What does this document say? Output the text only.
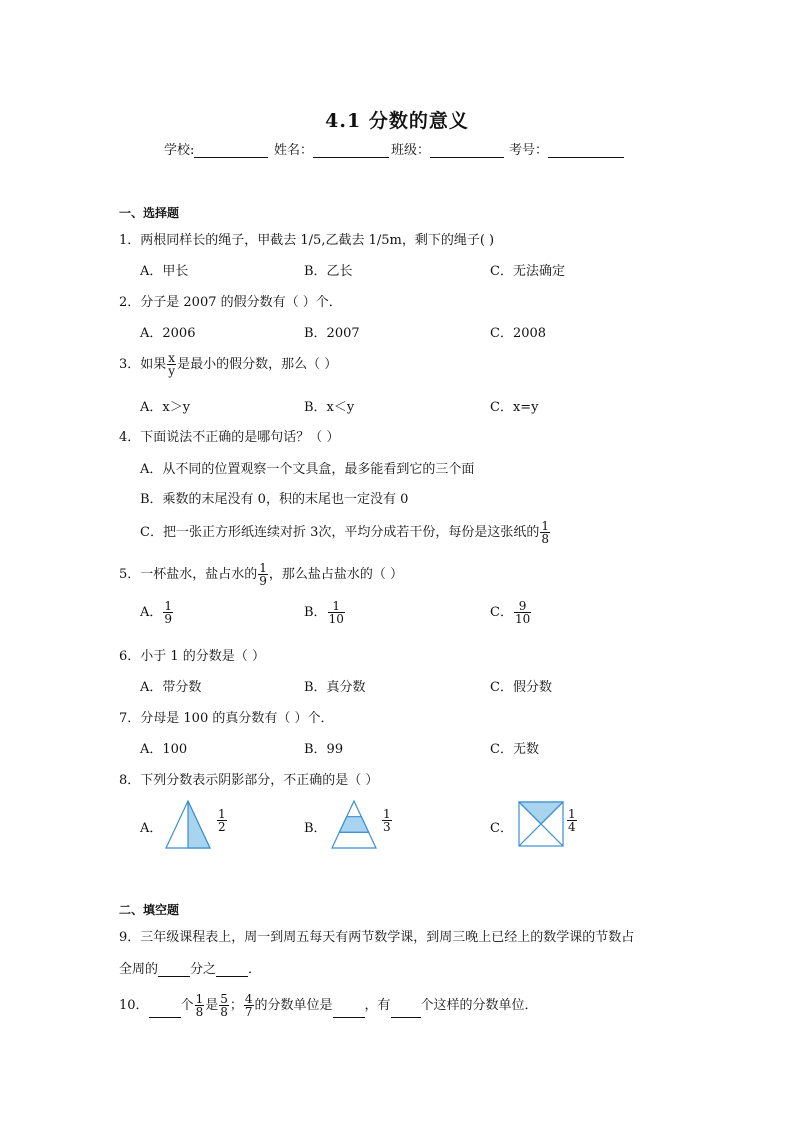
4.1 分数的意义
学校:	姓名：	班级：	考号：
一、选择题
1．两根同样长的绳子，甲截去 1/5,乙截去 1/5m，剩下的绳子( )
A．甲长	B．乙长	C．无法确定
2．分子是 2007 的假分数有（ ）个．
A．2006	B．2007	C．2008
3．如果 $\frac{x}{y}$ 是最小的假分数，那么（ ）
A．x＞y	B．x＜y	C．x=y
4．下面说法不正确的是哪句话？（ ）
A．从不同的位置观察一个文具盒，最多能看到它的三个面
B．乘数的末尾没有 0，积的末尾也一定没有 0
C．把一张正方形纸连续对折 3次，平均分成若干份，每份是这张纸的 $\frac{1}{8}$
5．一杯盐水，盐占水的 $\frac{1}{9}$ ，那么盐占盐水的（ ）
A． $\frac{1}{9}$	B． $\frac{1}{10}$	C． $\frac{9}{10}$
6．小于 1 的分数是（ ）
A．带分数	B．真分数	C．假分数
7．分母是 100 的真分数有（ ）个．
A．100	B．99	C．无数
8．下列分数表示阴影部分，不正确的是（ ）
A．	$\frac{1}{2}$	B．	$\frac{1}{3}$	C．	$\frac{1}{4}$
二、填空题
9．三年级课程表上，周一到周五每天有两节数学课，到周三晚上已经上的数学课的节数占
全周的 分之 ．
10． 个 $\frac{1}{8}$ 是 $\frac{5}{8}$ ； $\frac{4}{7}$ 的分数单位是 ，有 个这样的分数单位．
